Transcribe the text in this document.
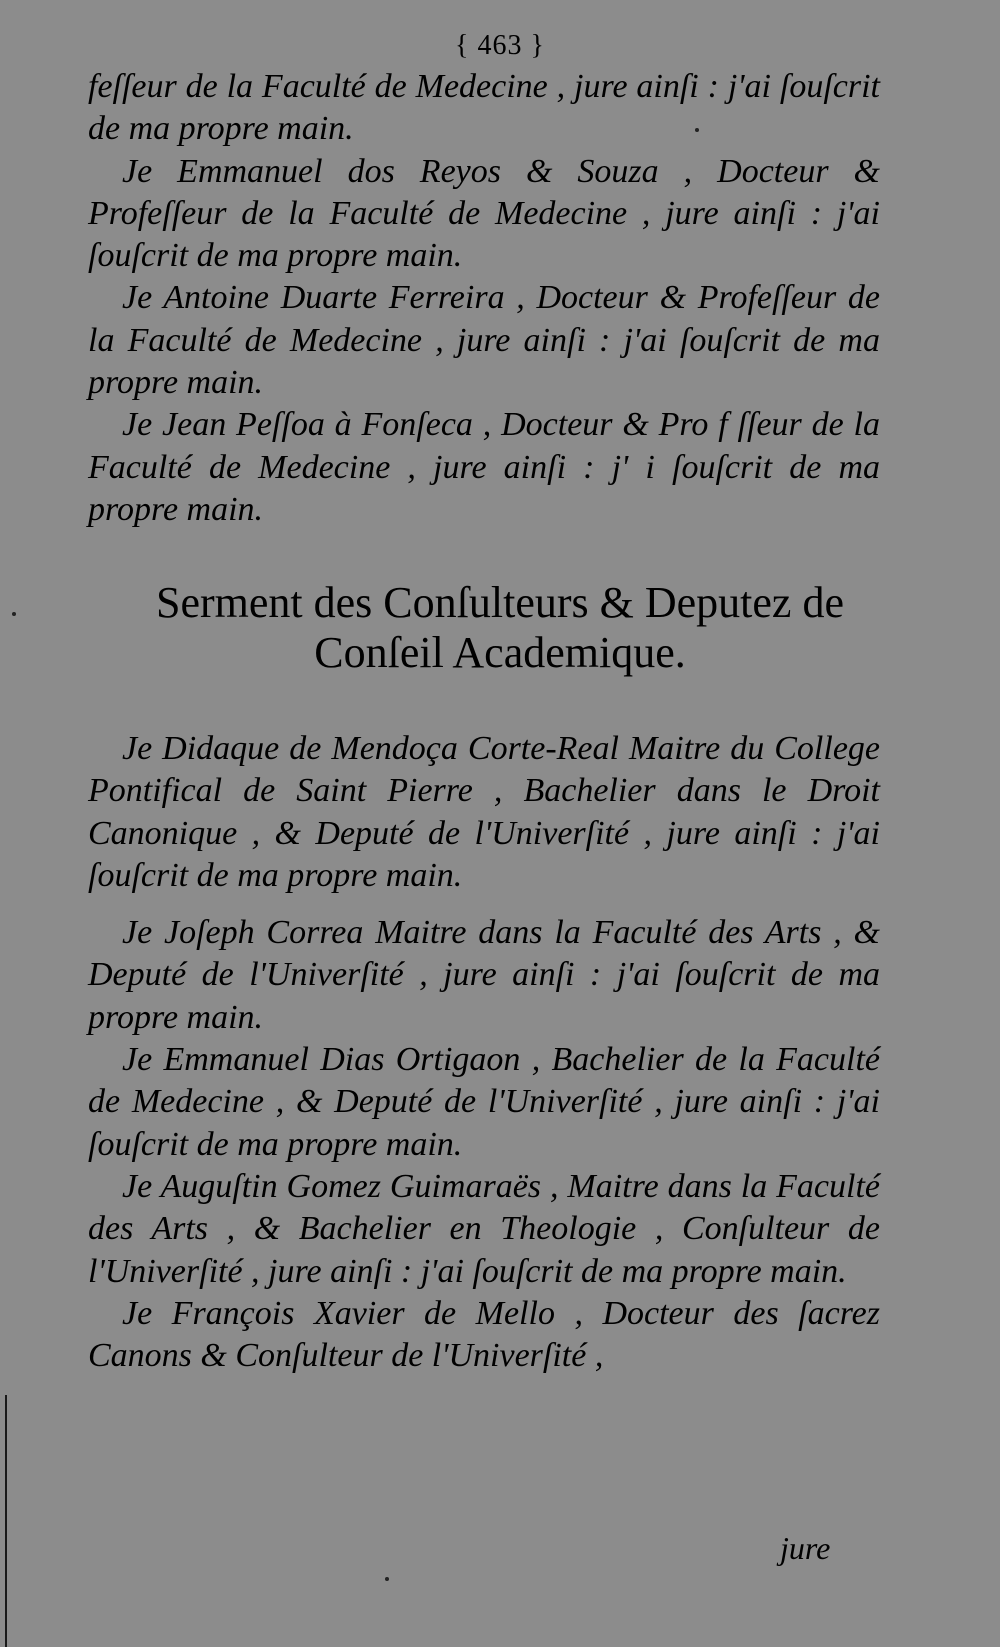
{ 463 }

feſſeur de la Faculté de Medecine , jure ainſi : j'ai ſouſcrit de ma propre main.

Je Emmanuel dos Reyos & Souza , Docteur & Profeſſeur de la Faculté de Medecine , jure ainſi : j'ai ſouſcrit de ma propre main.

Je Antoine Duarte Ferreira , Docteur & Profeſſeur de la Faculté de Medecine , jure ainſi : j'ai ſouſcrit de ma propre main.

Je Jean Peſſoa à Fonſeca , Docteur & Pro f ſſeur de la Faculté de Medecine , jure ainſi : j' i ſouſcrit de ma propre main.

Serment des Conſulteurs & Deputez de
Conſeil Academique.

Je Didaque de Mendoça Corte-Real Maitre du College Pontifical de Saint Pierre , Bachelier dans le Droit Canonique , & Deputé de l'Univerſité , jure ainſi : j'ai ſouſcrit de ma propre main.

Je Joſeph Correa Maitre dans la Faculté des Arts , & Deputé de l'Univerſité , jure ainſi : j'ai ſouſcrit de ma propre main.

Je Emmanuel Dias Ortigaon , Bachelier de la Faculté de Medecine , & Deputé de l'Univerſité , jure ainſi : j'ai ſouſcrit de ma propre main.

Je Auguſtin Gomez Guimaraës , Maitre dans la Faculté des Arts , & Bachelier en Theologie , Conſulteur de l'Univerſité , jure ainſi : j'ai ſouſcrit de ma propre main.

Je François Xavier de Mello , Docteur des ſacrez Canons & Conſulteur de l'Univerſité ,

jure
